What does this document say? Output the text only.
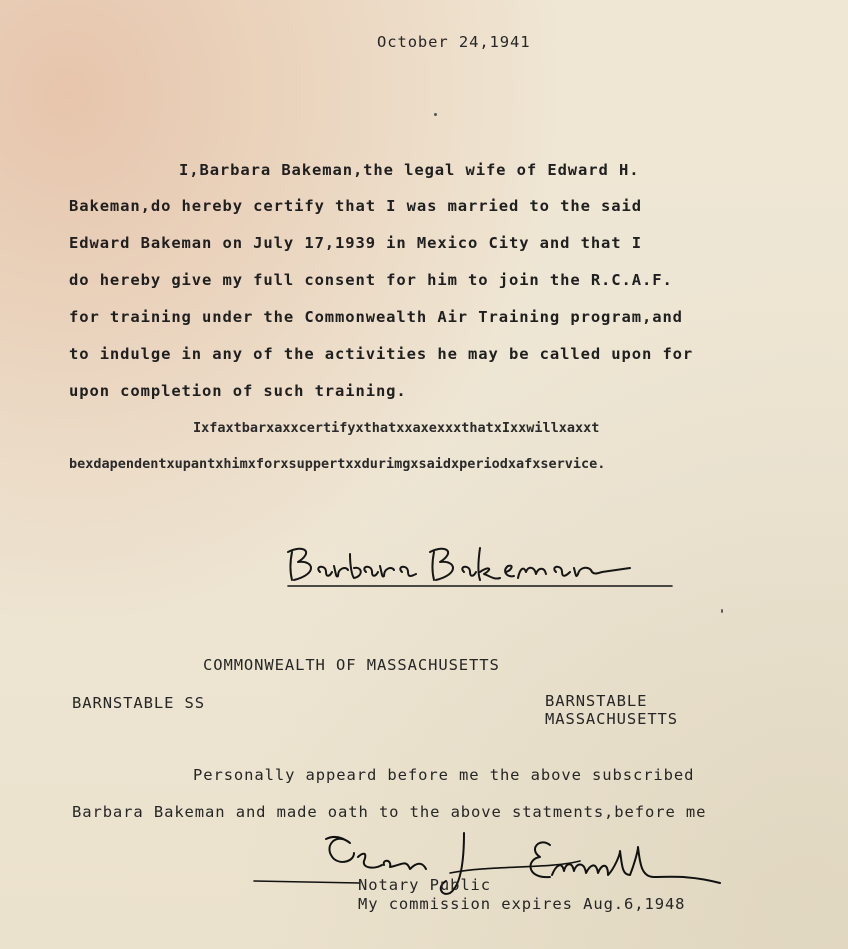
October 24,1941
I,Barbara Bakeman,the legal wife of Edward H.
Bakeman,do hereby certify that I was married to the said
Edward Bakeman on July 17,1939 in Mexico City and that I
do hereby give my full consent for him to join the R.C.A.F.
for training under the Commonwealth Air Training program,and
to indulge in any of the activities he may be called upon for
upon completion of such training.
IxfaxtbarxaxxcertifyxthatxxaxexxxthatxIxxwillxaxxt
bexdapendentxupantxhimxforxsuppertxxdurimgxsaidxperiodxafxservice.
COMMONWEALTH OF MASSACHUSETTS
BARNSTABLE SS	BARNSTABLE
MASSACHUSETTS
Personally appeard before me the above subscribed
Barbara Bakeman and made oath to the above statments,before me
Notary Public
My commission expires Aug.6,1948
